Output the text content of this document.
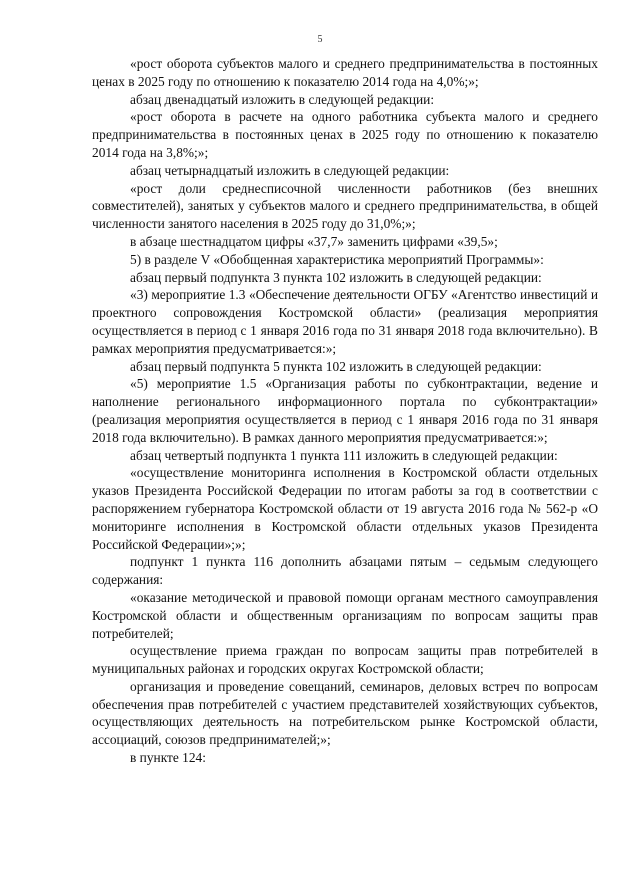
5

«рост оборота субъектов малого и среднего предпринимательства в постоянных ценах в 2025 году по отношению к показателю 2014 года на 4,0%;»;

абзац двенадцатый изложить в следующей редакции:

«рост оборота в расчете на одного работника субъекта малого и среднего предпринимательства в постоянных ценах в 2025 году по отношению к показателю 2014 года на 3,8%;»;

абзац четырнадцатый изложить в следующей редакции:

«рост доли среднесписочной численности работников (без внешних совместителей), занятых у субъектов малого и среднего предпринимательства, в общей численности занятого населения в 2025 году до 31,0%;»;

в абзаце шестнадцатом цифры «37,7» заменить цифрами «39,5»;

5) в разделе V «Обобщенная характеристика мероприятий Программы»:

абзац первый подпункта 3 пункта 102 изложить в следующей редакции:

«3) мероприятие 1.3 «Обеспечение деятельности ОГБУ «Агентство инвестиций и проектного сопровождения Костромской области» (реализация мероприятия осуществляется в период с 1 января 2016 года по 31 января 2018 года включительно). В рамках мероприятия предусматривается:»;

абзац первый подпункта 5 пункта 102 изложить в следующей редакции:

«5) мероприятие 1.5 «Организация работы по субконтрактации, ведение и наполнение регионального информационного портала по субконтрактации» (реализация мероприятия осуществляется в период с 1 января 2016 года по 31 января 2018 года включительно). В рамках данного мероприятия предусматривается:»;

абзац четвертый подпункта 1 пункта 111 изложить в следующей редакции:

«осуществление мониторинга исполнения в Костромской области отдельных указов Президента Российской Федерации по итогам работы за год в соответствии с распоряжением губернатора Костромской области от 19 августа 2016 года № 562-р «О мониторинге исполнения в Костромской области отдельных указов Президента Российской Федерации»;»;

подпункт 1 пункта 116 дополнить абзацами пятым – седьмым следующего содержания:

«оказание методической и правовой помощи органам местного самоуправления Костромской области и общественным организациям по вопросам защиты прав потребителей;

осуществление приема граждан по вопросам защиты прав потребителей в муниципальных районах и городских округах Костромской области;

организация и проведение совещаний, семинаров, деловых встреч по вопросам обеспечения прав потребителей с участием представителей хозяйствующих субъектов, осуществляющих деятельность на потребительском рынке Костромской области, ассоциаций, союзов предпринимателей;»;

в пункте 124:
